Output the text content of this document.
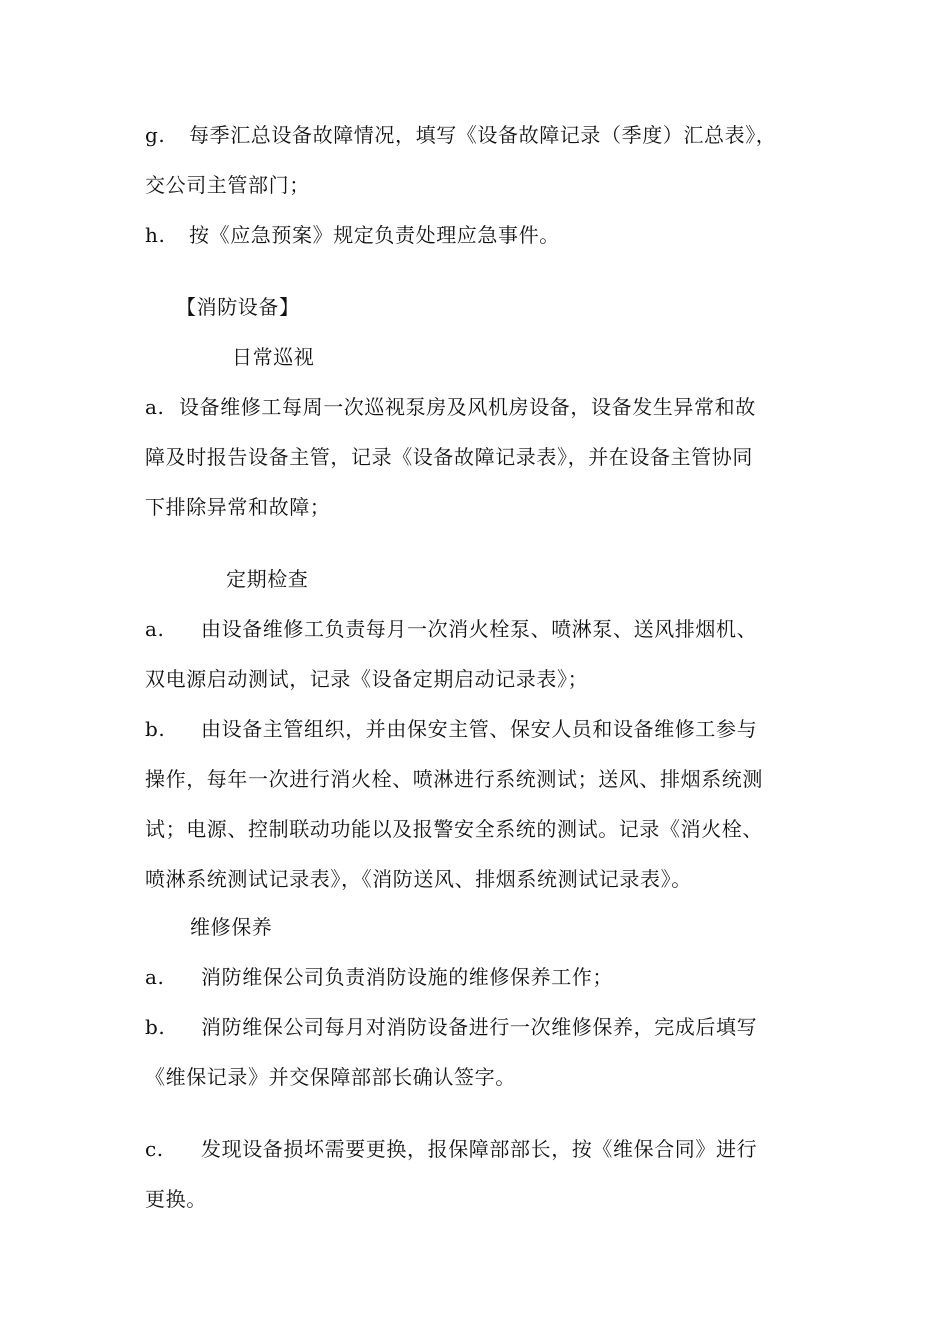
g. 每季汇总设备故障情况，填写《设备故障记录（季度）汇总表》，
交公司主管部门；
h. 按《应急预案》规定负责处理应急事件。
【消防设备】
日常巡视
a. 设备维修工每周一次巡视泵房及风机房设备，设备发生异常和故
障及时报告设备主管，记录《设备故障记录表》，并在设备主管协同
下排除异常和故障；
定期检查
a. 由设备维修工负责每月一次消火栓泵、喷淋泵、送风排烟机、
双电源启动测试，记录《设备定期启动记录表》；
b. 由设备主管组织，并由保安主管、保安人员和设备维修工参与
操作，每年一次进行消火栓、喷淋进行系统测试；送风、排烟系统测
试；电源、控制联动功能以及报警安全系统的测试。记录《消火栓、
喷淋系统测试记录表》，《消防送风、排烟系统测试记录表》。
维修保养
a. 消防维保公司负责消防设施的维修保养工作；
b. 消防维保公司每月对消防设备进行一次维修保养，完成后填写
《维保记录》并交保障部部长确认签字。
c. 发现设备损坏需要更换，报保障部部长，按《维保合同》进行
更换。
